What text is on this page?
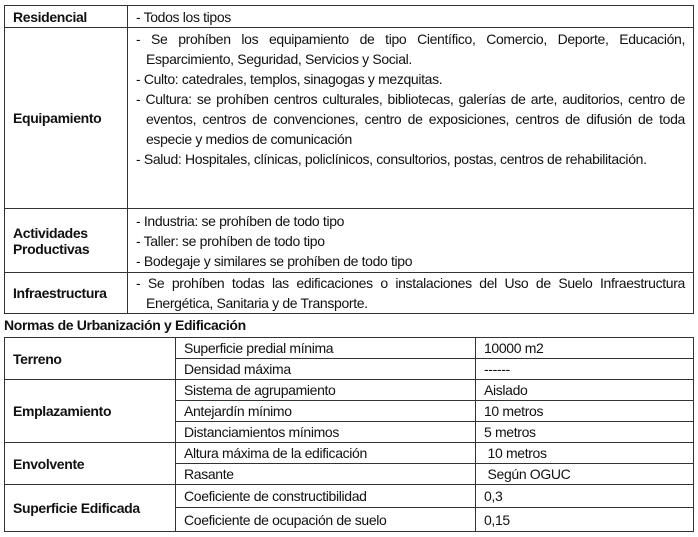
Residencial	- Todos los tipos

Equipamiento	- Se prohíben los equipamiento de tipo Científico, Comercio, Deporte, Educación, Esparcimiento, Seguridad, Servicios y Social.
- Culto: catedrales, templos, sinagogas y mezquitas.
- Cultura: se prohíben centros culturales, bibliotecas, galerías de arte, auditorios, centro de eventos, centros de convenciones, centro de exposiciones, centros de difusión de toda especie y medios de comunicación
- Salud: Hospitales, clínicas, policlínicos, consultorios, postas, centros de rehabilitación.

Actividades Productivas	- Industria: se prohíben de todo tipo
- Taller: se prohíben de todo tipo
- Bodegaje y similares se prohíben de todo tipo

Infraestructura	- Se prohíben todas las edificaciones o instalaciones del Uso de Suelo Infraestructura Energética, Sanitaria y de Transporte.
Normas de Urbanización y Edificación
Terreno	Superficie predial mínima	10000 m2
	Densidad máxima	------
Emplazamiento	Sistema de agrupamiento	Aislado
	Antejardín mínimo	10 metros
	Distanciamientos mínimos	5 metros
Envolvente	Altura máxima de la edificación	10 metros
	Rasante	Según OGUC
Superficie Edificada	Coeficiente de constructibilidad	0,3
	Coeficiente de ocupación de suelo	0,15
